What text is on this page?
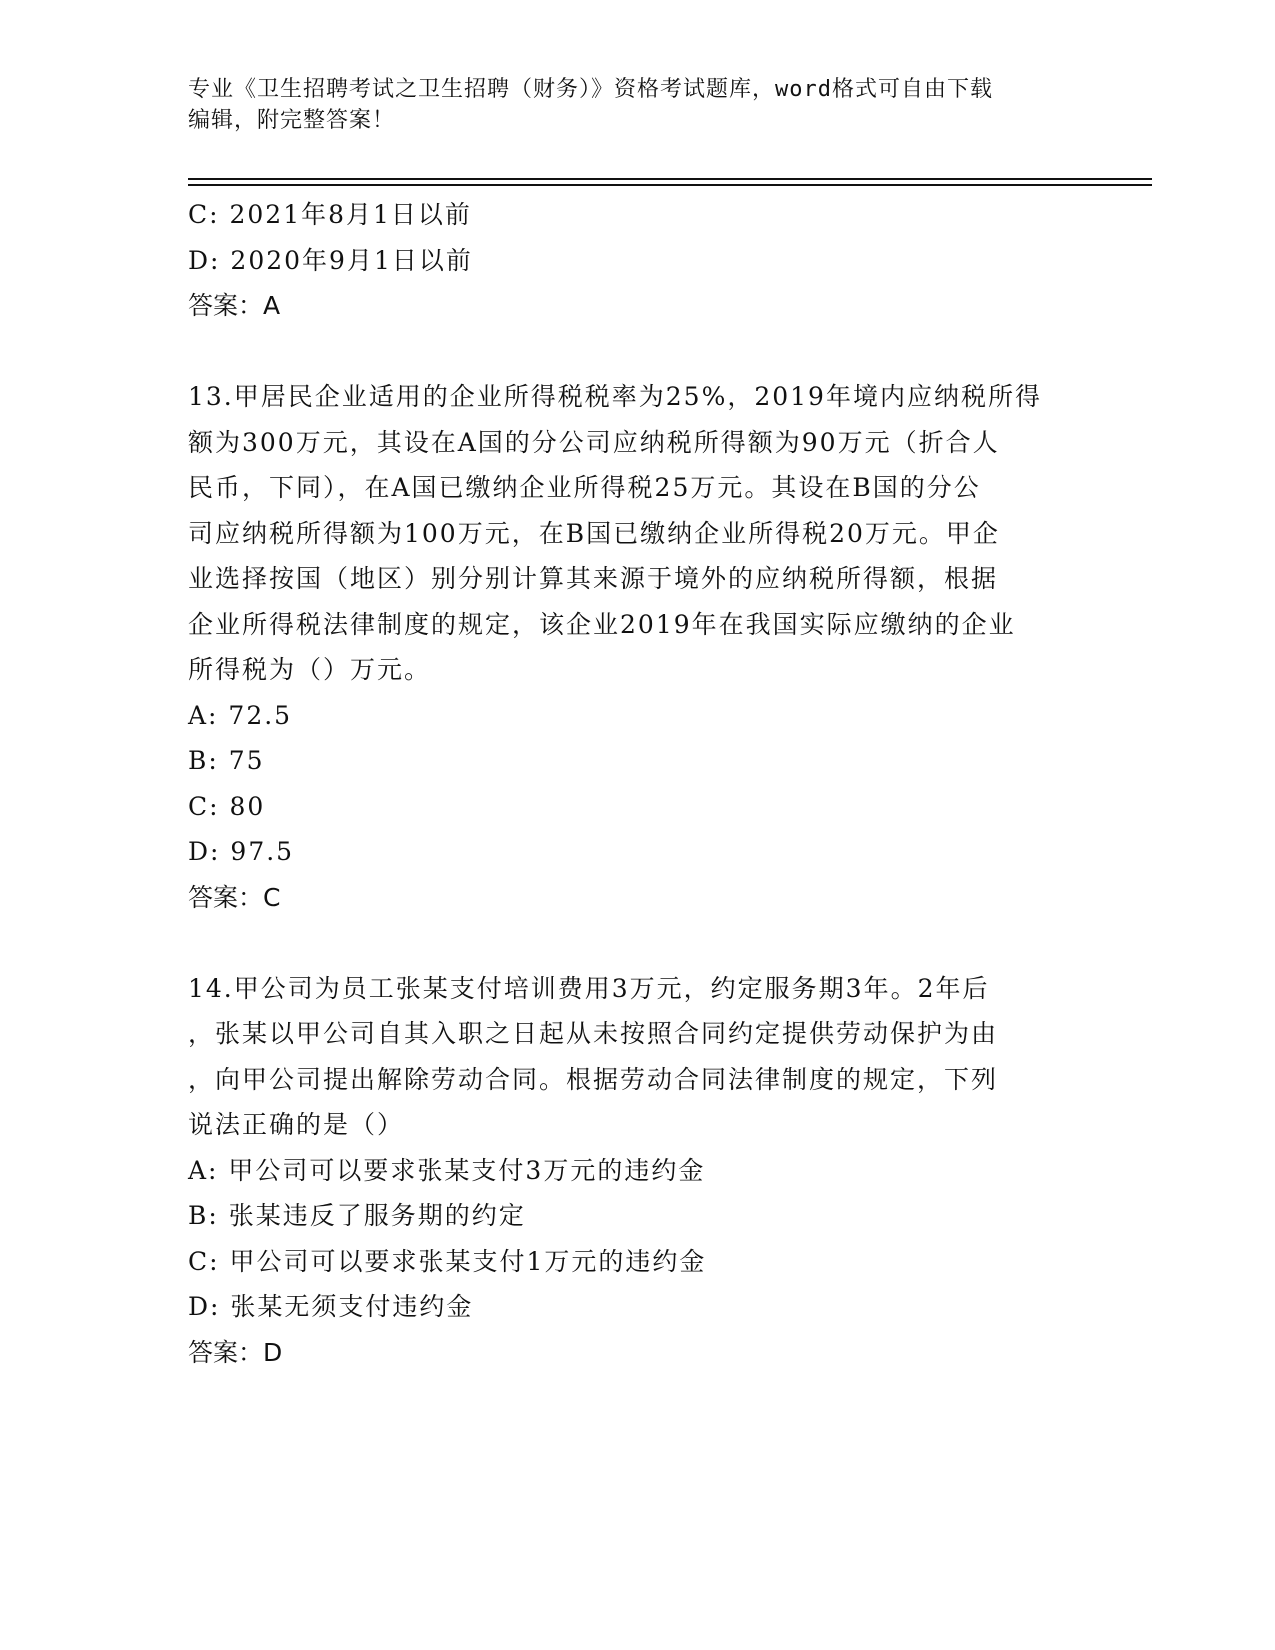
专业《卫生招聘考试之卫生招聘（财务）》资格考试题库，word格式可自由下载
编辑，附完整答案！
C: 2021年8月1日以前
D: 2020年9月1日以前
答案：A
13.甲居民企业适用的企业所得税税率为25%，2019年境内应纳税所得
额为300万元，其设在A国的分公司应纳税所得额为90万元（折合人
民币，下同），在A国已缴纳企业所得税25万元。其设在B国的分公
司应纳税所得额为100万元，在B国已缴纳企业所得税20万元。甲企
业选择按国（地区）别分别计算其来源于境外的应纳税所得额，根据
企业所得税法律制度的规定，该企业2019年在我国实际应缴纳的企业
所得税为（）万元。
A: 72.5
B: 75
C: 80
D: 97.5
答案：C
14.甲公司为员工张某支付培训费用3万元，约定服务期3年。2年后
，张某以甲公司自其入职之日起从未按照合同约定提供劳动保护为由
，向甲公司提出解除劳动合同。根据劳动合同法律制度的规定，下列
说法正确的是（）
A: 甲公司可以要求张某支付3万元的违约金
B: 张某违反了服务期的约定
C: 甲公司可以要求张某支付1万元的违约金
D: 张某无须支付违约金
答案：D
